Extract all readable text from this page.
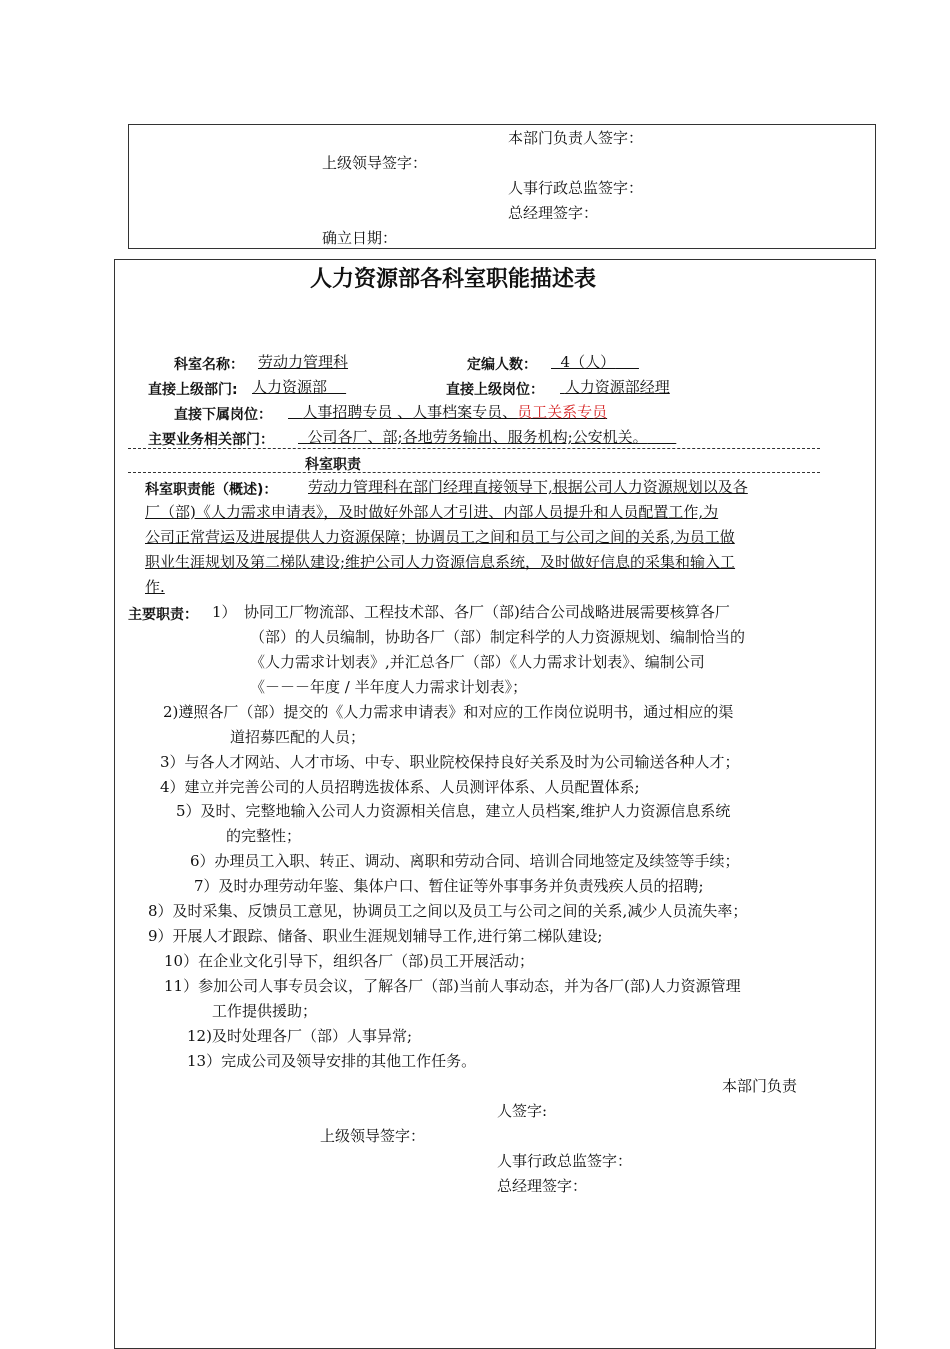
本部门负责人签字：
上级领导签字：
人事行政总监签字：
总经理签字：
确立日期：
人力资源部各科室职能描述表
科室名称： 劳动力管理科	定编人数：	4（人）
直接上级部门: 人力资源部	直接上级岗位：	人力资源部经理
直接下属岗位：	人事招聘专员 、人事档案专员、员工关系专员
主要业务相关部门：	公司各厂、部;各地劳务输出、服务机构;公安机关。
科室职责
科室职责能（概述)： 劳动力管理科在部门经理直接领导下,根据公司人力资源规划以及各
厂（部)《人力需求申请表》，及时做好外部人才引进、内部人员提升和人员配置工作,为
公司正常营运及进展提供人力资源保障；协调员工之间和员工与公司之间的关系,为员工做
职业生涯规划及第二梯队建设;维护公司人力资源信息系统，及时做好信息的采集和输入工
作.
主要职责： 1）　协同工厂物流部、工程技术部、各厂（部)结合公司战略进展需要核算各厂
（部）的人员编制，协助各厂（部）制定科学的人力资源规划、编制恰当的
《人力需求计划表》,并汇总各厂（部）《人力需求计划表》、编制公司
《－－－年度 / 半年度人力需求计划表》；
2)遵照各厂（部）提交的《人力需求申请表》和对应的工作岗位说明书，通过相应的渠
道招募匹配的人员；
3）与各人才网站、人才市场、中专、职业院校保持良好关系及时为公司输送各种人才；
4）建立并完善公司的人员招聘选拔体系、人员测评体系、人员配置体系;
5）及时、完整地输入公司人力资源相关信息，建立人员档案,维护人力资源信息系统
的完整性；
6）办理员工入职、转正、调动、离职和劳动合同、培训合同地签定及续签等手续；
7）及时办理劳动年鉴、集体户口、暂住证等外事事务并负责残疾人员的招聘;
8）及时采集、反馈员工意见，协调员工之间以及员工与公司之间的关系,减少人员流失率；
9）开展人才跟踪、储备、职业生涯规划辅导工作,进行第二梯队建设;
10）在企业文化引导下，组织各厂（部)员工开展活动；
11）参加公司人事专员会议，了解各厂（部)当前人事动态，并为各厂(部)人力资源管理
工作提供援助；
12)及时处理各厂（部）人事异常;
13）完成公司及领导安排的其他工作任务。
本部门负责
人签字:
上级领导签字：
人事行政总监签字：
总经理签字：
